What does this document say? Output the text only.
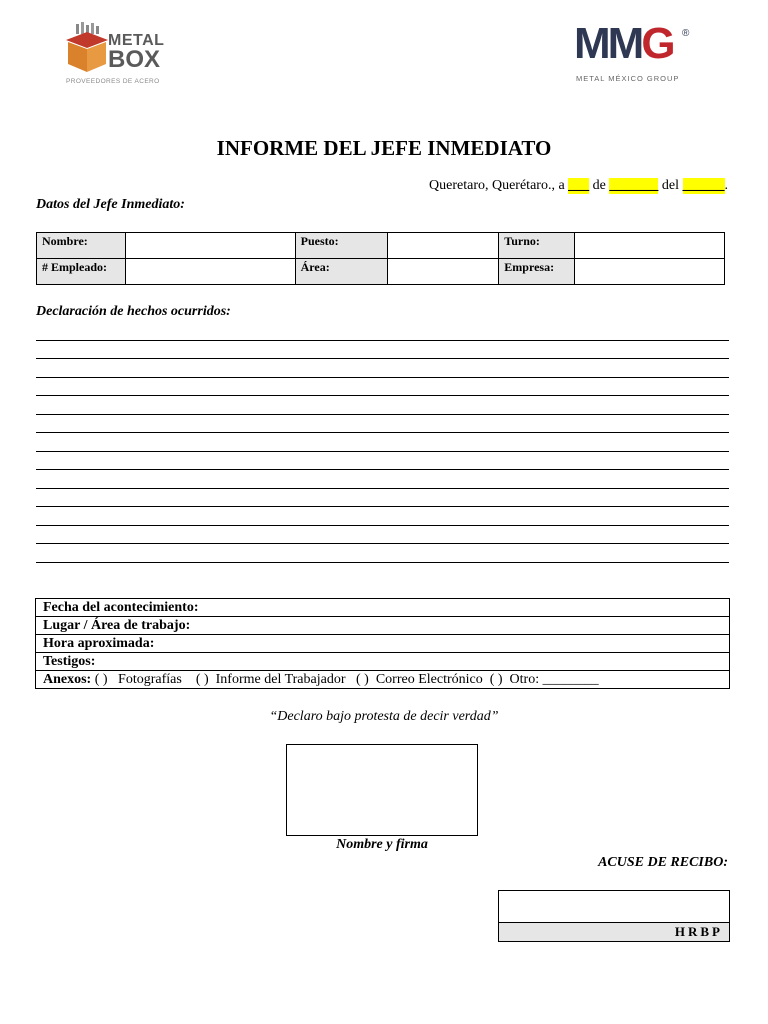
METAL
BOX
PROVEEDORES DE ACERO
MMG ®
METAL MÉXICO GROUP
INFORME DEL JEFE INMEDIATO
Queretaro, Querétaro., a ___ de _______ del ______.
Datos del Jefe Inmediato:
Nombre:		Puesto:		Turno:	
# Empleado:		Área:		Empresa:	
Declaración de hechos ocurridos:
Fecha del acontecimiento:
Lugar / Área de trabajo:
Hora aproximada:
Testigos:
Anexos: ( )   Fotografías    ( )  Informe del Trabajador   ( )  Correo Electrónico  ( )  Otro: ________
“Declaro bajo protesta de decir verdad”
Nombre y firma
ACUSE DE RECIBO:
HRBP
